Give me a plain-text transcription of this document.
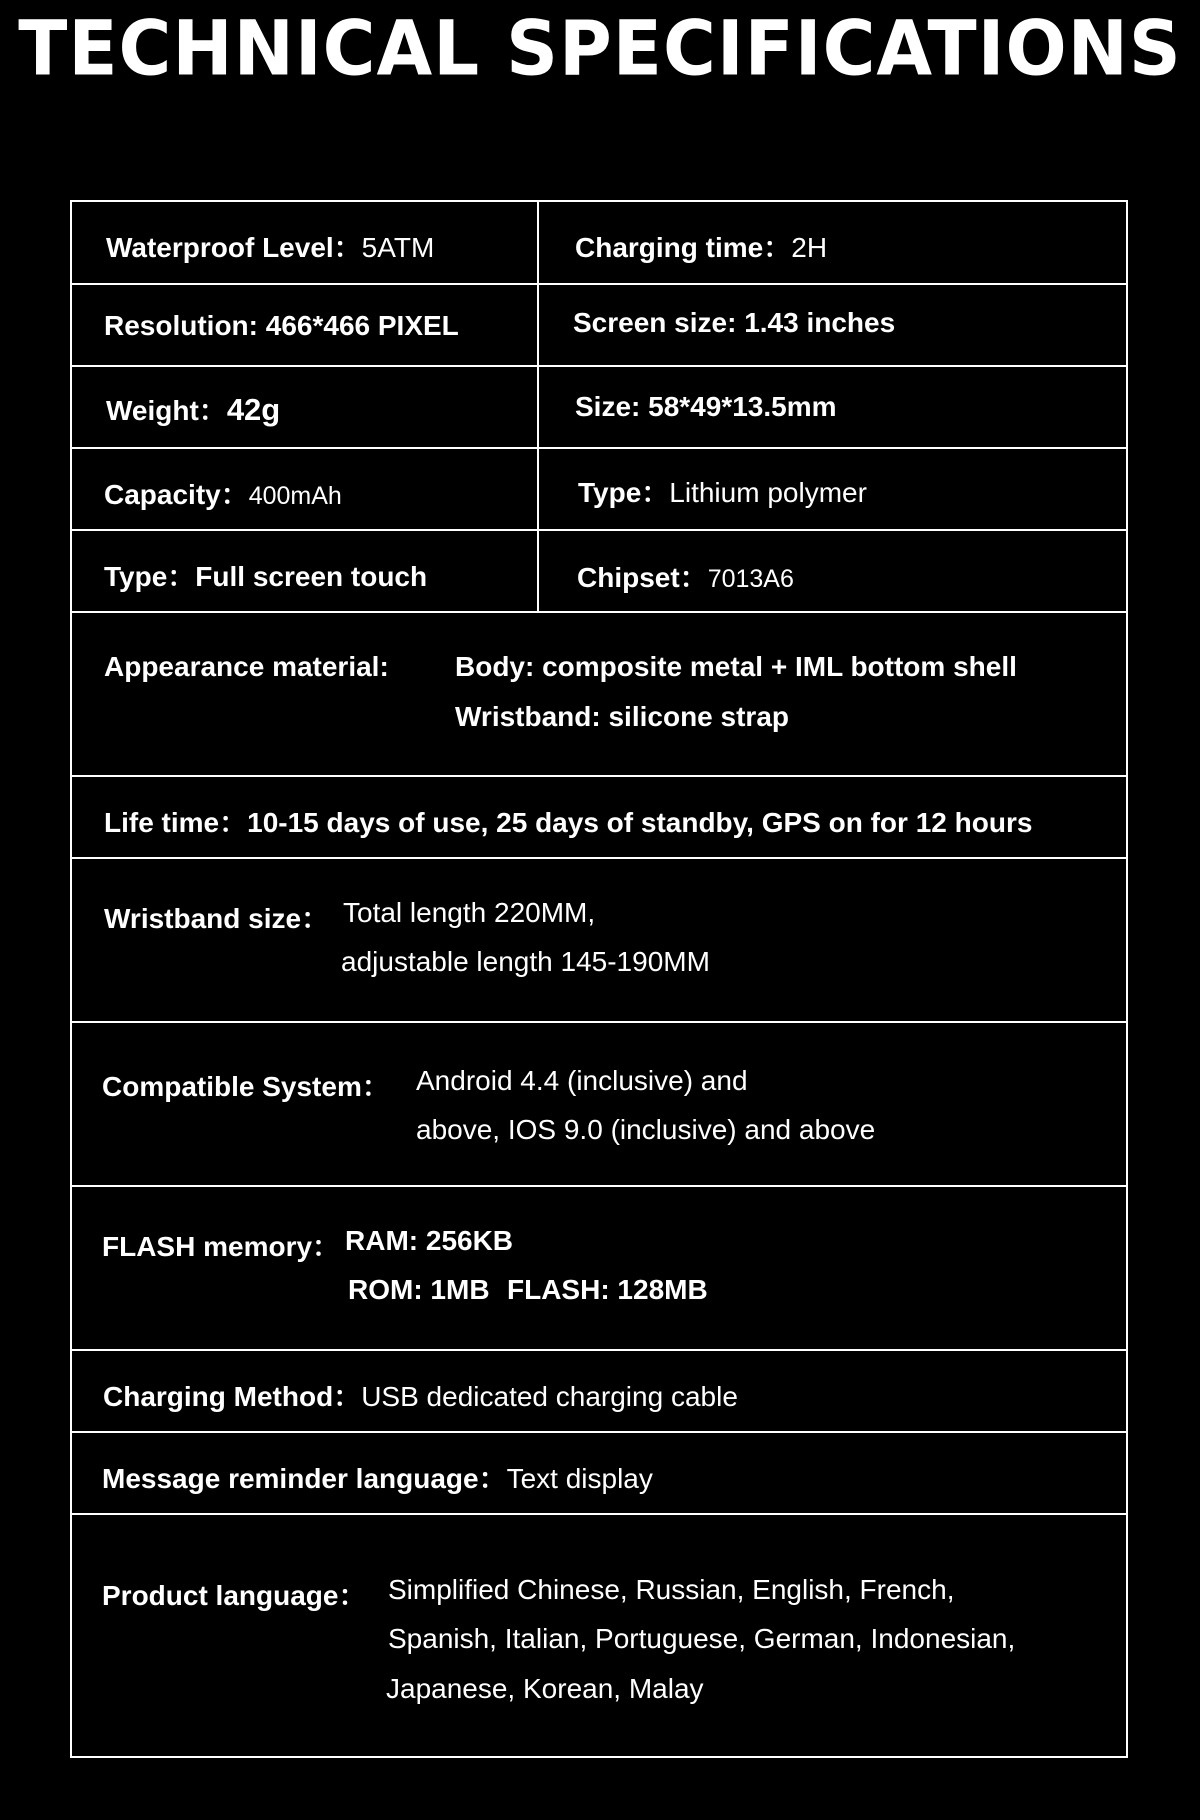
TECHNICAL SPECIFICATIONS
Waterproof Level：5ATM	Charging time：2H
Resolution: 466*466 PIXEL	Screen size: 1.43 inches
Weight：42g	Size: 58*49*13.5mm
Capacity：400mAh	Type：Lithium polymer
Type：Full screen touch	Chipset：7013A6
Appearance material: Body: composite metal + IML bottom shell
Wristband: silicone strap
Life time：10-15 days of use, 25 days of standby, GPS on for 12 hours
Wristband size： Total length 220MM,
adjustable length 145-190MM
Compatible System： Android 4.4 (inclusive) and
above, IOS 9.0 (inclusive) and above
FLASH memory： RAM: 256KB
ROM: 1MB FLASH: 128MB
Charging Method：USB dedicated charging cable
Message reminder language：Text display
Product language： Simplified Chinese, Russian, English, French,
Spanish, Italian, Portuguese, German, Indonesian,
Japanese, Korean, Malay
